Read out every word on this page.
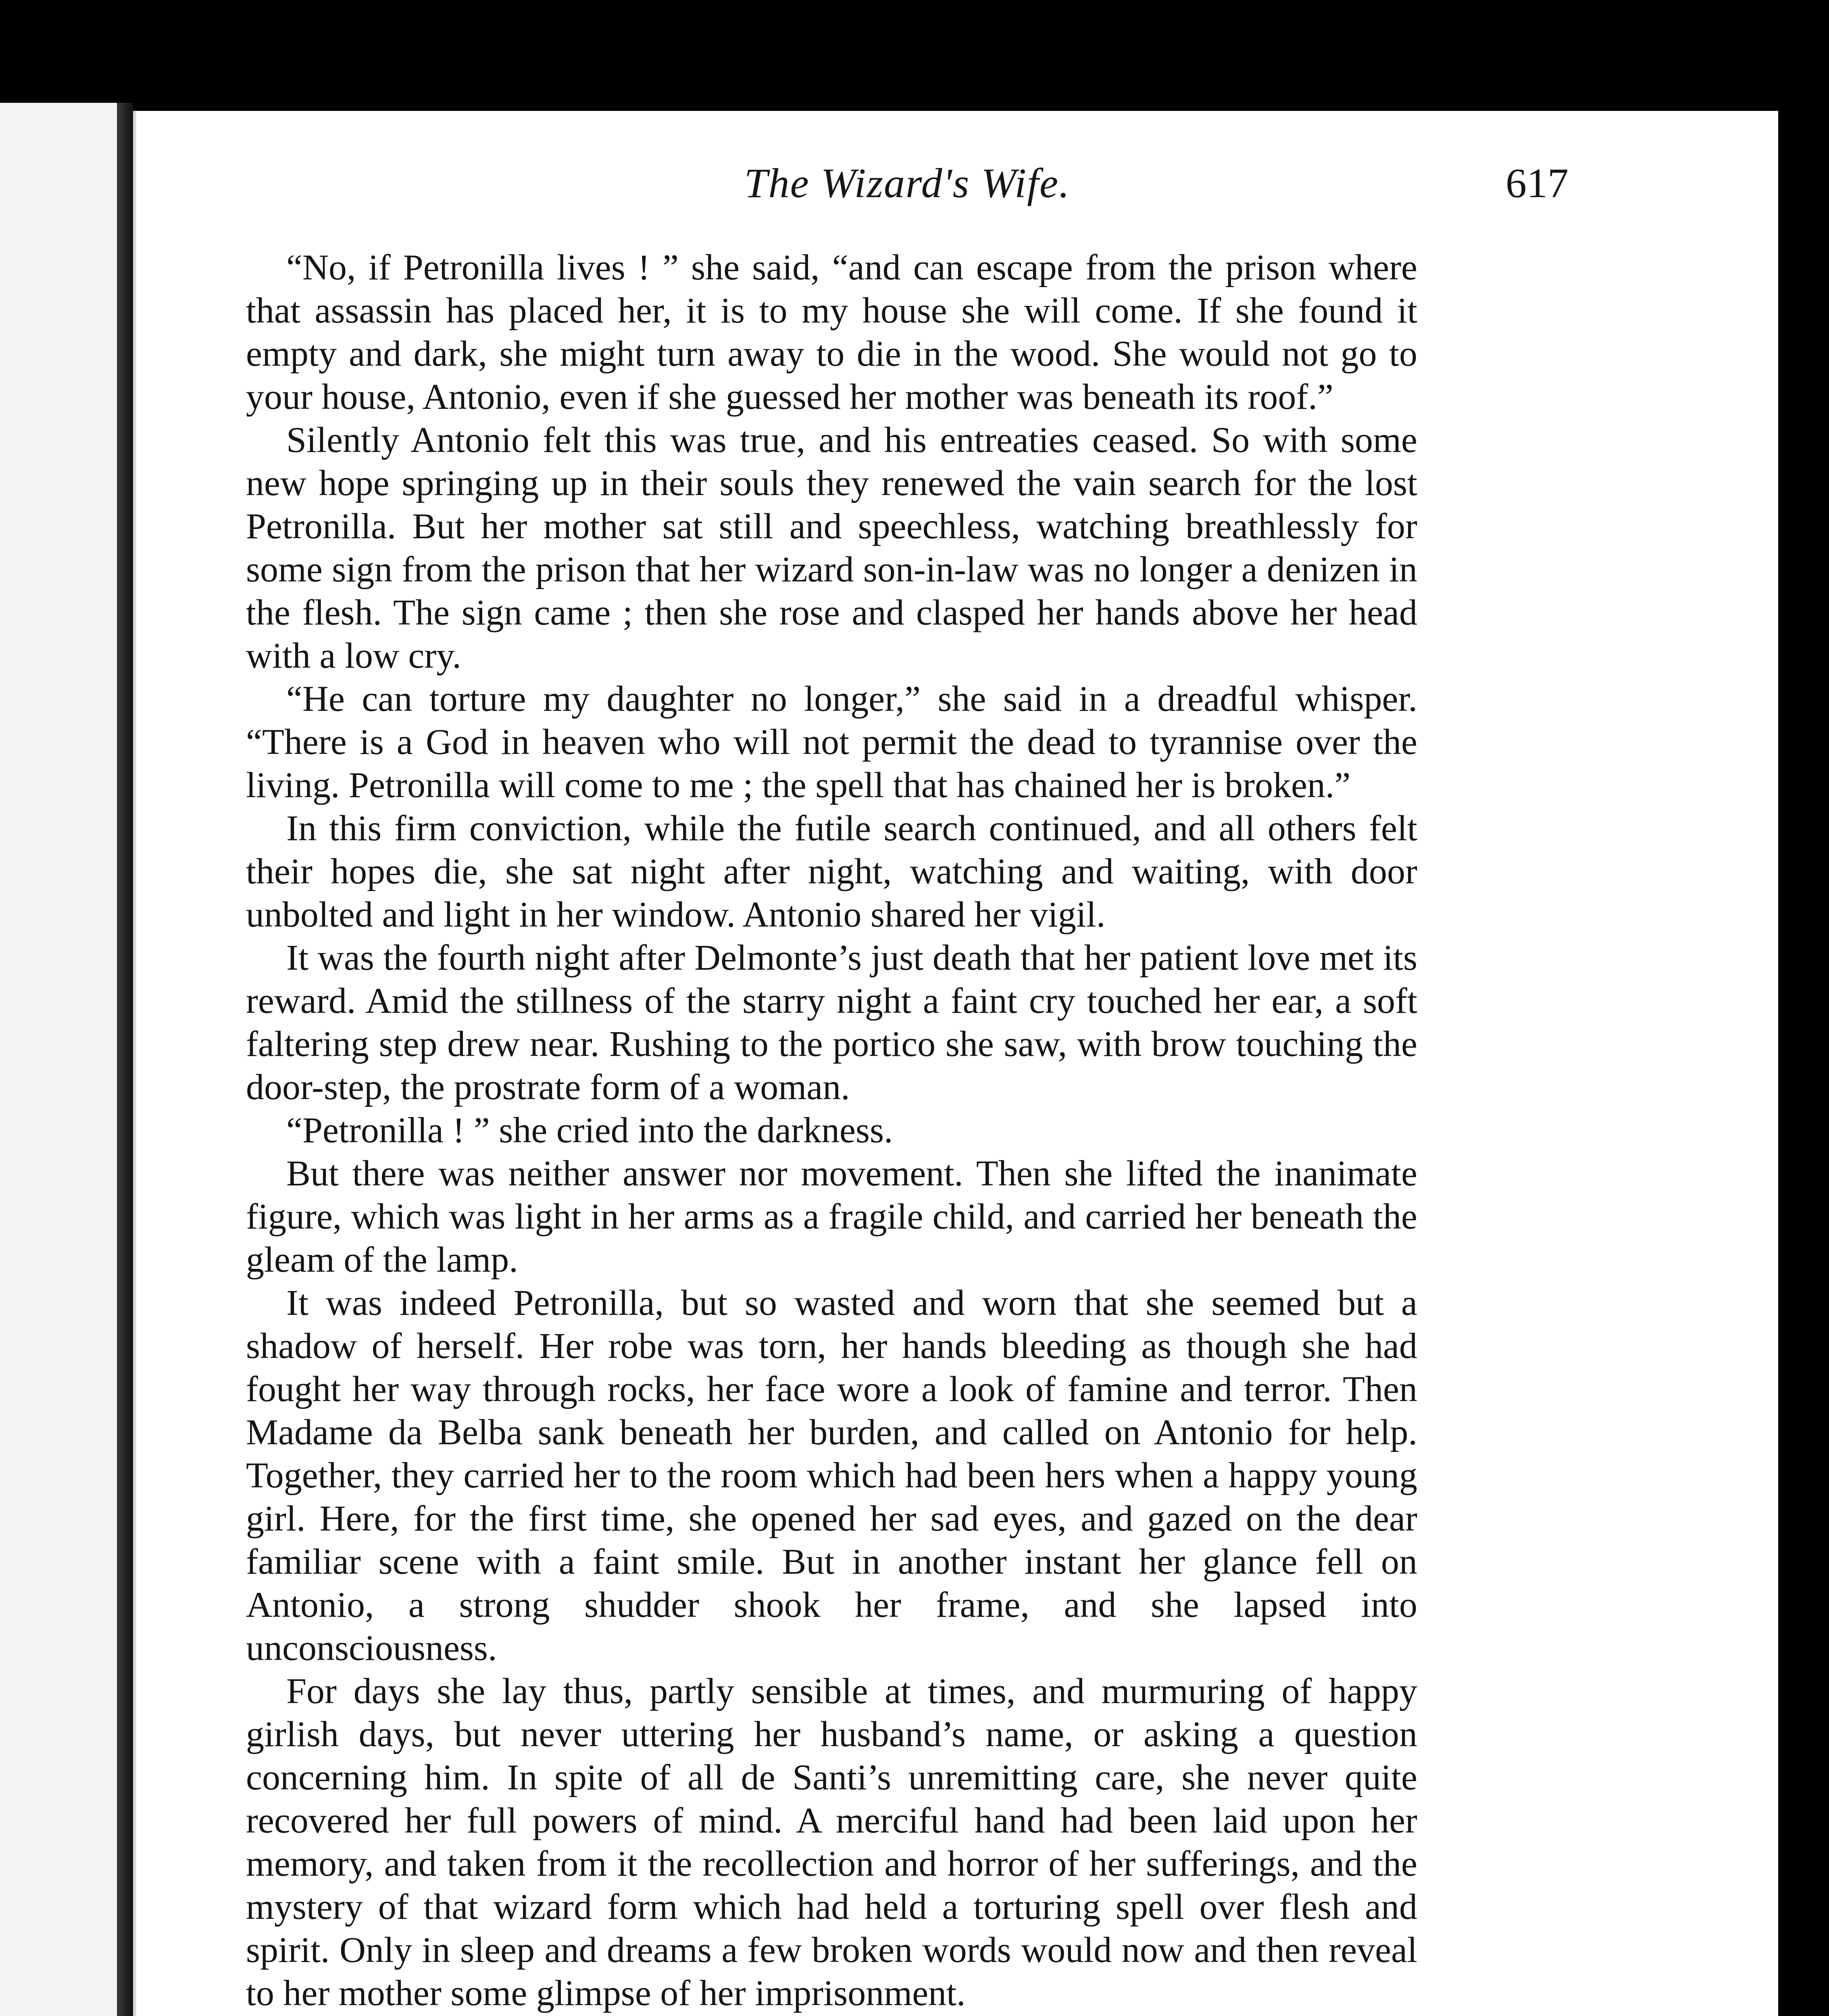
The Wizard's Wife.	617

“No, if Petronilla lives ! ” she said, “and can escape from the prison where that assassin has placed her, it is to my house she will come. If she found it empty and dark, she might turn away to die in the wood. She would not go to your house, Antonio, even if she guessed her mother was beneath its roof.”

Silently Antonio felt this was true, and his entreaties ceased. So with some new hope springing up in their souls they renewed the vain search for the lost Petronilla. But her mother sat still and speechless, watching breathlessly for some sign from the prison that her wizard son-in-law was no longer a denizen in the flesh. The sign came ; then she rose and clasped her hands above her head with a low cry.

“He can torture my daughter no longer,” she said in a dreadful whisper. “There is a God in heaven who will not permit the dead to tyrannise over the living. Petronilla will come to me ; the spell that has chained her is broken.”

In this firm conviction, while the futile search continued, and all others felt their hopes die, she sat night after night, watching and waiting, with door unbolted and light in her window. Antonio shared her vigil.

It was the fourth night after Delmonte’s just death that her patient love met its reward. Amid the stillness of the starry night a faint cry touched her ear, a soft faltering step drew near. Rushing to the portico she saw, with brow touching the door-step, the prostrate form of a woman.

“Petronilla ! ” she cried into the darkness.

But there was neither answer nor movement. Then she lifted the inanimate figure, which was light in her arms as a fragile child, and carried her beneath the gleam of the lamp.

It was indeed Petronilla, but so wasted and worn that she seemed but a shadow of herself. Her robe was torn, her hands bleeding as though she had fought her way through rocks, her face wore a look of famine and terror. Then Madame da Belba sank beneath her burden, and called on Antonio for help. Together, they carried her to the room which had been hers when a happy young girl. Here, for the first time, she opened her sad eyes, and gazed on the dear familiar scene with a faint smile. But in another instant her glance fell on Antonio, a strong shudder shook her frame, and she lapsed into unconsciousness.

For days she lay thus, partly sensible at times, and murmuring of happy girlish days, but never uttering her husband’s name, or asking a question concerning him. In spite of all de Santi’s unremitting care, she never quite recovered her full powers of mind. A merciful hand had been laid upon her memory, and taken from it the recollection and horror of her sufferings, and the mystery of that wizard form which had held a torturing spell over flesh and spirit. Only in sleep and dreams a few broken words would now and then reveal to her mother some glimpse of her imprisonment.
